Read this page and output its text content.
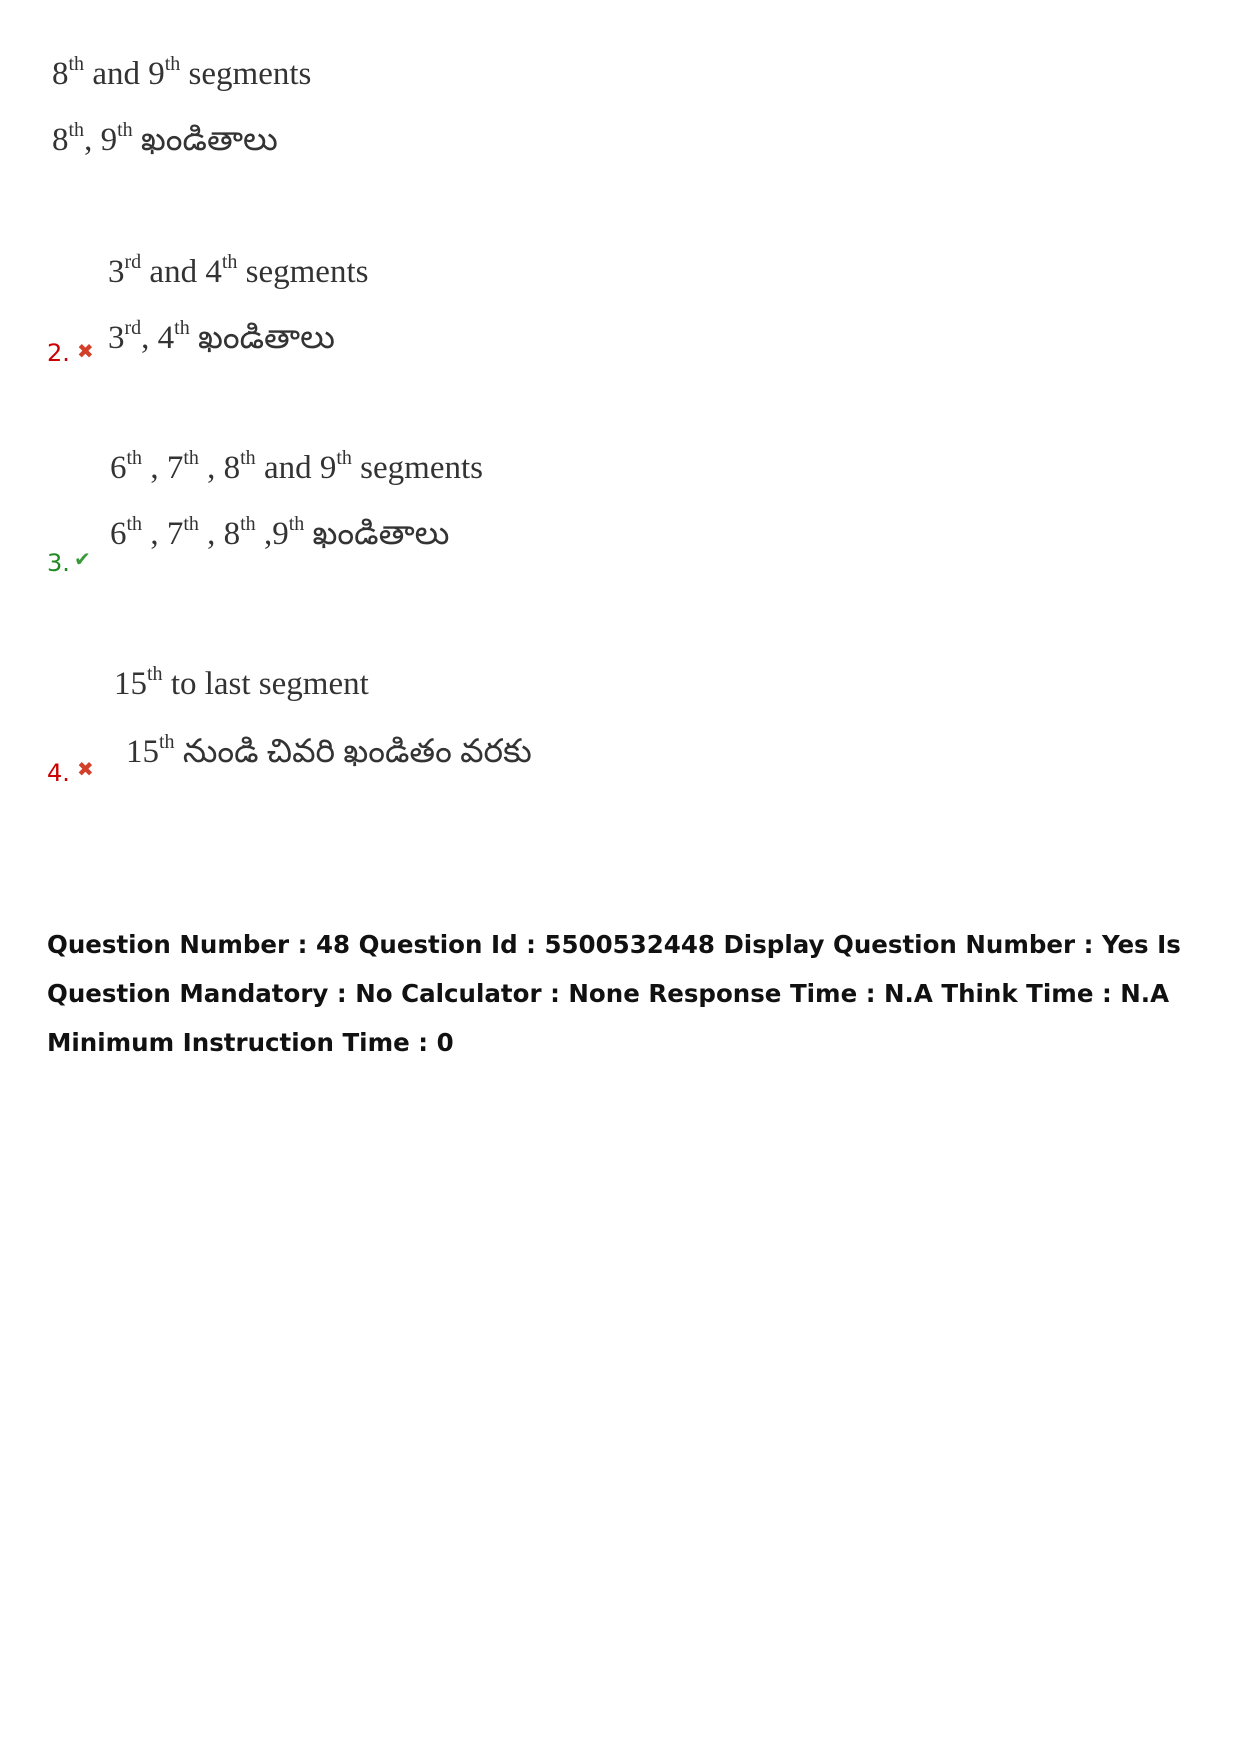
8th and 9th segments
8th, 9th ఖండితాలు
3rd and 4th segments
2. ✖ 3rd, 4th ఖండితాలు
6th , 7th , 8th and 9th segments
3. ✔
6th , 7th , 8th ,9th ఖండితాలు
15th to last segment
4. ✖ 15th నుండి చివరి ఖండితం వరకు
Question Number : 48 Question Id : 5500532448 Display Question Number : Yes Is Question Mandatory : No Calculator : None Response Time : N.A Think Time : N.A Minimum Instruction Time : 0
